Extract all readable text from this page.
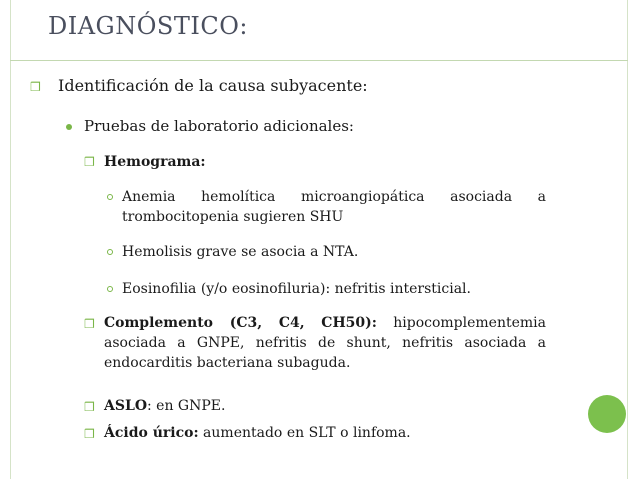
DIAGNÓSTICO:
❒ Identificación de la causa subyacente:
Pruebas de laboratorio adicionales:
❒ Hemograma:
Anemia hemolítica microangiopática asociada a trombocitopenia sugieren SHU
Hemolisis grave se asocia a NTA.
Eosinofilia (y/o eosinofiluria): nefritis intersticial.
❒ Complemento (C3, C4, CH50): hipocomplementemia asociada a GNPE, nefritis de shunt, nefritis asociada a endocarditis bacteriana subaguda.
❒ ASLO: en GNPE.
❒ Ácido úrico: aumentado en SLT o linfoma.
